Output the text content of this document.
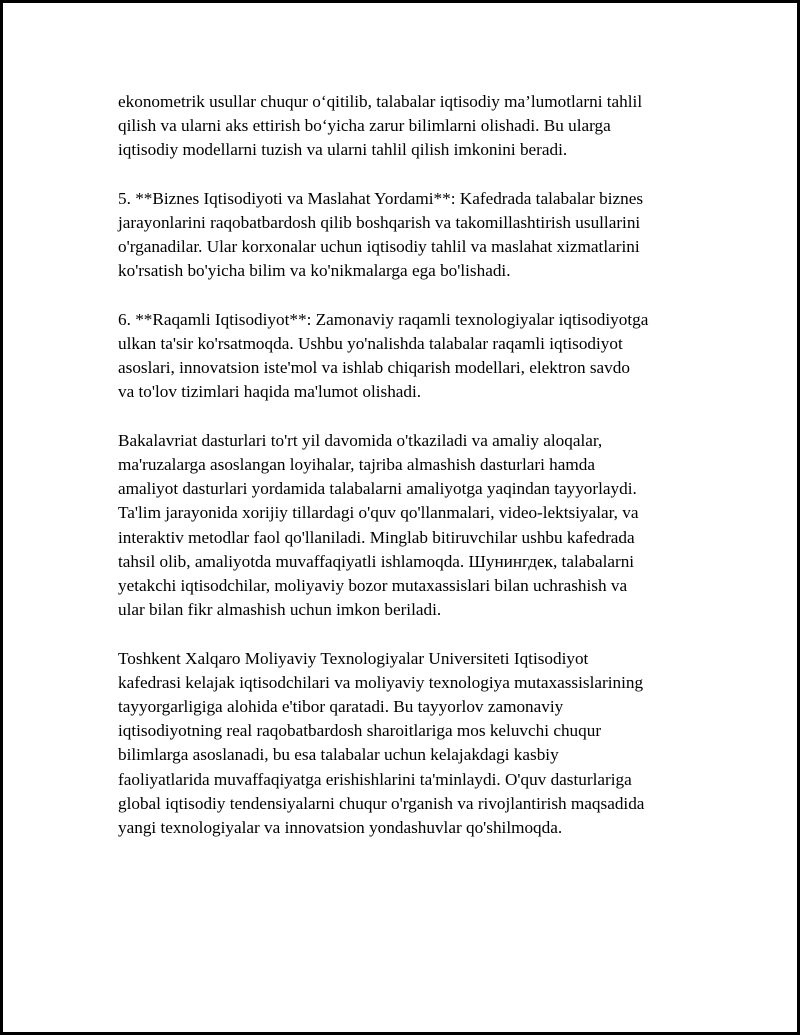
ekonometrik usullar chuqur o‘qitilib, talabalar iqtisodiy ma’lumotlarni tahlil
qilish va ularni aks ettirish bo‘yicha zarur bilimlarni olishadi. Bu ularga
iqtisodiy modellarni tuzish va ularni tahlil qilish imkonini beradi.

5. **Biznes Iqtisodiyoti va Maslahat Yordami**: Kafedrada talabalar biznes
jarayonlarini raqobatbardosh qilib boshqarish va takomillashtirish usullarini
o'rganadilar. Ular korxonalar uchun iqtisodiy tahlil va maslahat xizmatlarini
ko'rsatish bo'yicha bilim va ko'nikmalarga ega bo'lishadi.

6. **Raqamli Iqtisodiyot**: Zamonaviy raqamli texnologiyalar iqtisodiyotga
ulkan ta'sir ko'rsatmoqda. Ushbu yo'nalishda talabalar raqamli iqtisodiyot
asoslari, innovatsion iste'mol va ishlab chiqarish modellari, elektron savdo
va to'lov tizimlari haqida ma'lumot olishadi.

Bakalavriat dasturlari to'rt yil davomida o'tkaziladi va amaliy aloqalar,
ma'ruzalarga asoslangan loyihalar, tajriba almashish dasturlari hamda
amaliyot dasturlari yordamida talabalarni amaliyotga yaqindan tayyorlaydi.
Ta'lim jarayonida xorijiy tillardagi o'quv qo'llanmalari, video-lektsiyalar, va
interaktiv metodlar faol qo'llaniladi. Minglab bitiruvchilar ushbu kafedrada
tahsil olib, amaliyotda muvaffaqiyatli ishlamoqda. Шунингдек, talabalarni
yetakchi iqtisodchilar, moliyaviy bozor mutaxassislari bilan uchrashish va
ular bilan fikr almashish uchun imkon beriladi.

Toshkent Xalqaro Moliyaviy Texnologiyalar Universiteti Iqtisodiyot
kafedrasi kelajak iqtisodchilari va moliyaviy texnologiya mutaxassislarining
tayyorgarligiga alohida e'tibor qaratadi. Bu tayyorlov zamonaviy
iqtisodiyotning real raqobatbardosh sharoitlariga mos keluvchi chuqur
bilimlarga asoslanadi, bu esa talabalar uchun kelajakdagi kasbiy
faoliyatlarida muvaffaqiyatga erishishlarini ta'minlaydi. O'quv dasturlariga
global iqtisodiy tendensiyalarni chuqur o'rganish va rivojlantirish maqsadida
yangi texnologiyalar va innovatsion yondashuvlar qo'shilmoqda.
